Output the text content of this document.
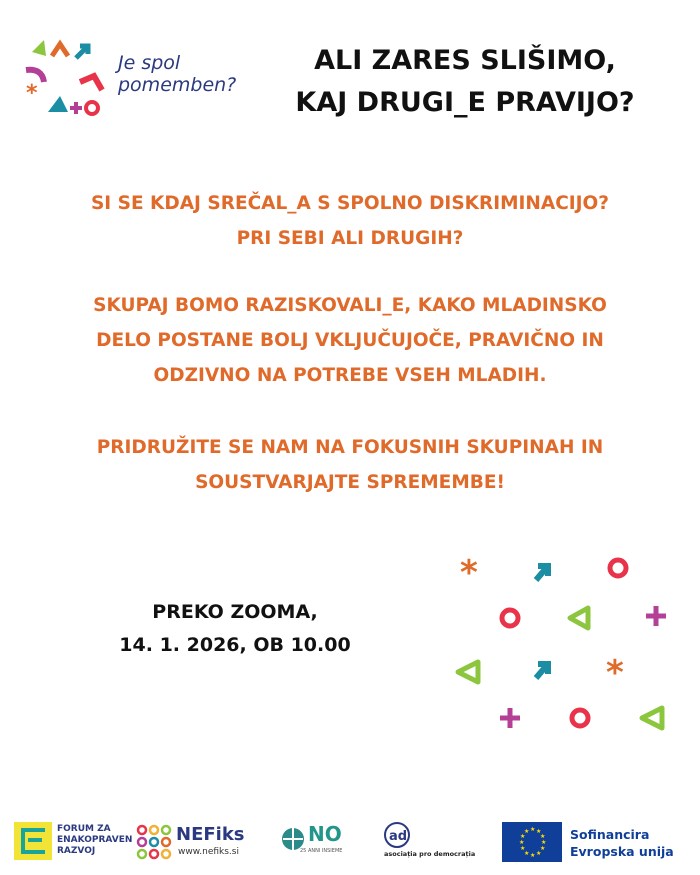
*
Je spol
pomemben?
ALI ZARES SLIŠIMO,
KAJ DRUGI_E PRAVIJO?
SI SE KDAJ SREČAL_A S SPOLNO DISKRIMINACIJO?
PRI SEBI ALI DRUGIH?
SKUPAJ BOMO RAZISKOVALI_E, KAKO MLADINSKO
DELO POSTANE BOLJ VKLJUČUJOČE, PRAVIČNO IN
ODZIVNO NA POTREBE VSEH MLADIH.
PRIDRUŽITE SE NAM NA FOKUSNIH SKUPINAH IN
SOUSTVARJAJTE SPREMEMBE!
PREKO ZOOMA,
14. 1. 2026, OB 10.00
*
*
FORUM ZA
ENAKOPRAVEN
RAZVOJ
NEFiks
www.nefiks.si
NO
25 ANNI INSIEME
ad
asociația pro democrația
★ ★
★
★
★
★
★
★
★
★
★
★	Sofinancira
Evropska unija
